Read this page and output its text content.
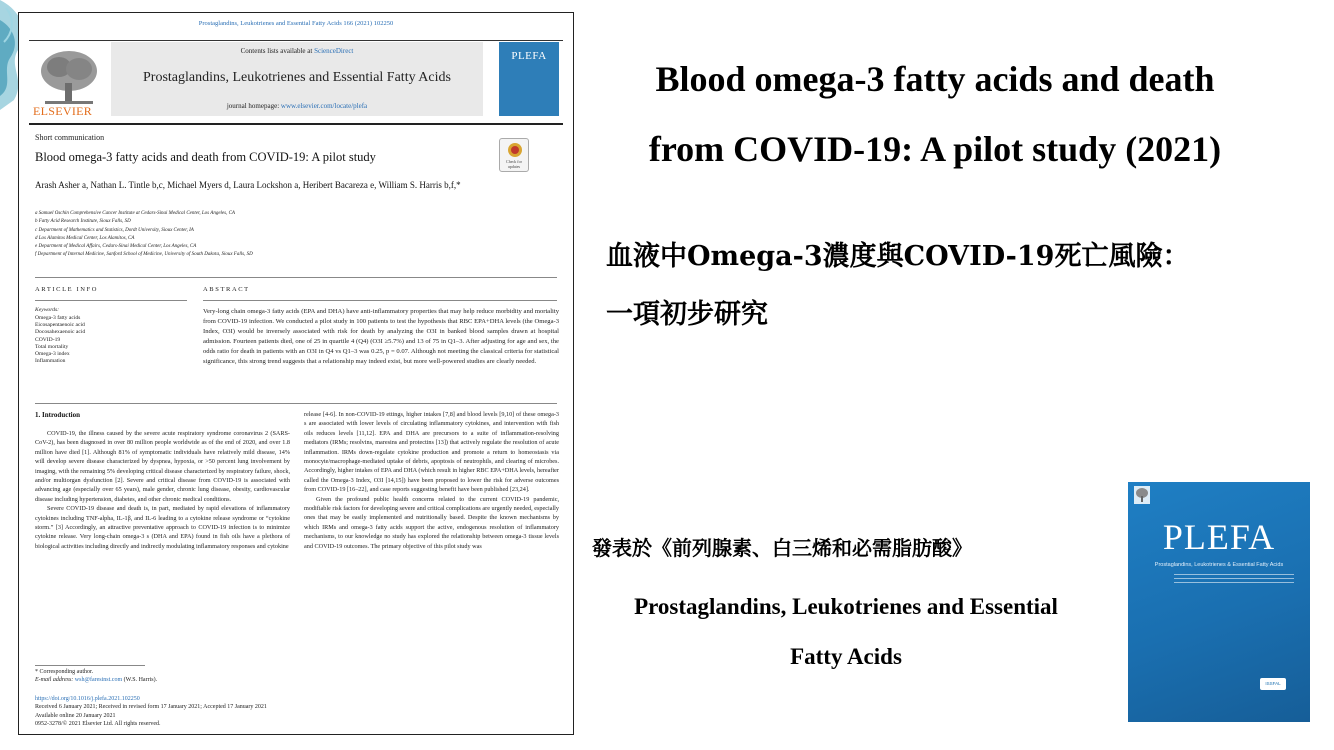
Prostaglandins, Leukotrienes and Essential Fatty Acids 166 (2021) 102250
ELSEVIER
Contents lists available at ScienceDirect
Prostaglandins, Leukotrienes and Essential Fatty Acids
journal homepage: www.elsevier.com/locate/plefa
PLEFA
Short communication
Blood omega-3 fatty acids and death from COVID-19: A pilot study	Check for updates
Arash Asher a, Nathan L. Tintle b,c, Michael Myers d, Laura Lockshon a, Heribert Bacareza e, William S. Harris b,f,*
a Samuel Oschin Comprehensive Cancer Institute at Cedars-Sinai Medical Center, Los Angeles, CA
b Fatty Acid Research Institute, Sioux Falls, SD
c Department of Mathematics and Statistics, Dordt University, Sioux Center, IA
d Los Alamitos Medical Center, Los Alamitos, CA
e Department of Medical Affairs, Cedars-Sinai Medical Center, Los Angeles, CA
f Department of Internal Medicine, Sanford School of Medicine, University of South Dakota, Sioux Falls, SD
ARTICLE INFO	ABSTRACT
Keywords:
Omega-3 fatty acids
Eicosapentaenoic acid
Docosahexaenoic acid
COVID-19
Total mortality
Omega-3 index
Inflammation
Very-long chain omega-3 fatty acids (EPA and DHA) have anti-inflammatory properties that may help reduce morbidity and mortality from COVID-19 infection. We conducted a pilot study in 100 patients to test the hypothesis that RBC EPA+DHA levels (the Omega-3 Index, O3I) would be inversely associated with risk for death by analyzing the O3I in banked blood samples drawn at hospital admission. Fourteen patients died, one of 25 in quartile 4 (Q4) (O3I ≥5.7%) and 13 of 75 in Q1–3. After adjusting for age and sex, the odds ratio for death in patients with an O3I in Q4 vs Q1–3 was 0.25, p = 0.07. Although not meeting the classical criteria for statistical significance, this strong trend suggests that a relationship may indeed exist, but more well-powered studies are clearly needed.
1. Introduction

COVID-19, the illness caused by the severe acute respiratory syndrome coronavirus 2 (SARS-CoV-2), has been diagnosed in over 80 million people worldwide as of the end of 2020, and over 1.8 million have died [1]. Although 81% of symptomatic individuals have relatively mild disease, 14% will develop severe disease characterized by dyspnea, hypoxia, or >50 percent lung involvement by imaging, with the remaining 5% developing critical disease characterized by respiratory failure, shock, and/or multiorgan dysfunction [2]. Severe and critical disease from COVID-19 is associated with advancing age (especially over 65 years), male gender, chronic lung disease, obesity, cardiovascular disease including hypertension, diabetes, and other chronic medical conditions.

Severe COVID-19 disease and death is, in part, mediated by rapid elevations of inflammatory cytokines including TNF-alpha, IL-1β, and IL-6 leading to a cytokine release syndrome or “cytokine storm.” [3] Accordingly, an attractive preventative approach to COVID-19 infection is to minimize cytokine release. Very long-chain omega-3 s (DHA and EPA) found in fish oils have a plethora of biological activities including directly and indirectly modulating inflammatory responses and cytokine

release [4-6]. In non-COVID-19 ettings, higher intakes [7,8] and blood levels [9,10] of these omega-3 s are associated with lower levels of circulating inflammatory cytokines, and intervention with fish oils reduces levels [11,12]. EPA and DHA are precursors to a suite of inflammation-resolving mediators (IRMs; resolvins, maresins and protectins [13]) that actively regulate the resolution of acute inflammation. IRMs down-regulate cytokine production and promote a return to homeostasis via monocyte/macrophage-mediated uptake of debris, apoptosis of neutrophils, and clearing of microbes. Accordingly, higher intakes of EPA and DHA (which result in higher RBC EPA+DHA levels, hereafter called the Omega-3 Index, O3I [14,15]) have been proposed to lower the risk for adverse outcomes from COVID-19 [16–22], and case reports suggesting benefit have been published [23,24].

Given the profound public health concerns related to the current COVID-19 pandemic, modifiable risk factors for developing severe and critical complications are urgently needed, especially ones that may be easily implemented and nutritionally based. Despite the known mechanisms by which IRMs and omega-3 fatty acids support the active, endogenous resolution of inflammatory mechanisms, to our knowledge no study has explored the relationship between omega-3 tissue levels and COVID-19 outcomes. The primary objective of this pilot study was

* Corresponding author.
E-mail address: wsh@faresinst.com (W.S. Harris).
https://doi.org/10.1016/j.plefa.2021.102250
Received 6 January 2021; Received in revised form 17 January 2021; Accepted 17 January 2021
Available online 20 January 2021
0952-3278/© 2021 Elsevier Ltd. All rights reserved.
Blood omega-3 fatty acids and death
from COVID-19: A pilot study (2021)
血液中Omega-3濃度與COVID-19死亡風險：
一項初步研究
發表於《前列腺素、白三烯和必需脂肪酸》
Prostaglandins, Leukotrienes and Essential
Fatty Acids
PLEFA
Prostaglandins, Leukotrienes & Essential Fatty Acids
ISSFAL
